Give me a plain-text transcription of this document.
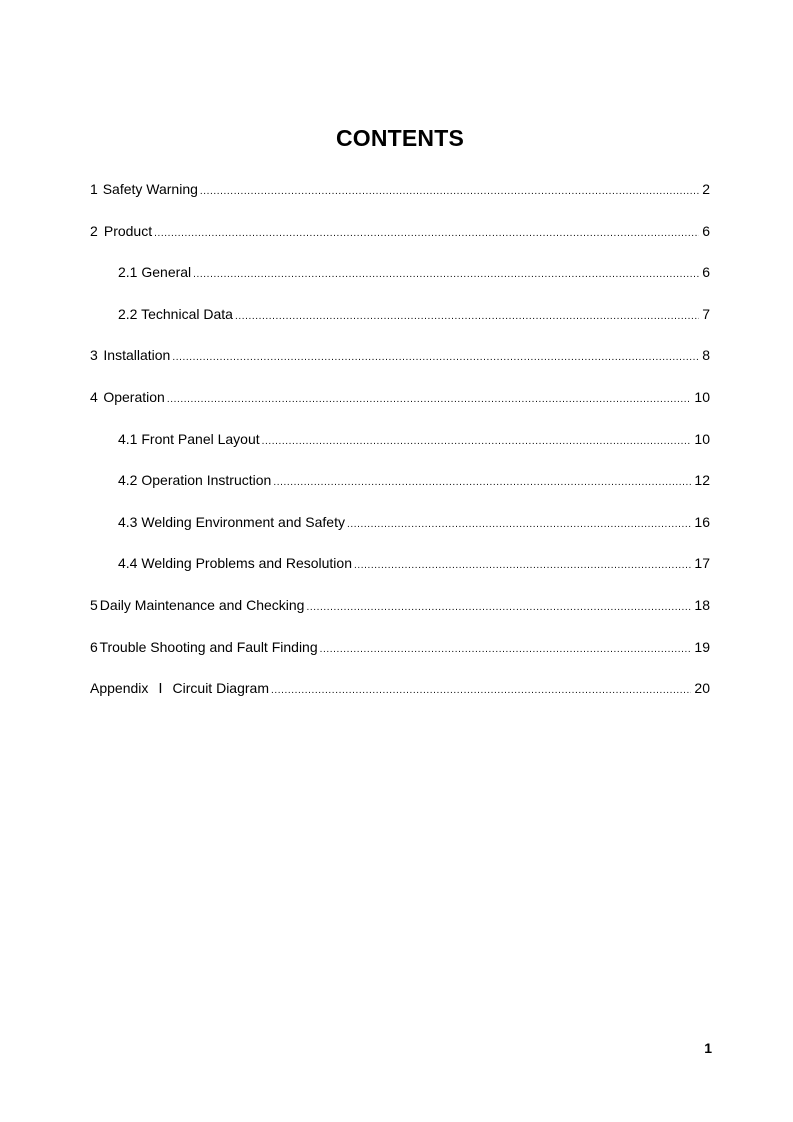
CONTENTS
1 Safety Warning .....	2
2 Product .....	6
2.1 General .....	6
2.2 Technical Data .....	7
3 Installation .....	8
4 Operation .....	10
4.1 Front Panel Layout .....	10
4.2 Operation Instruction .....	12
4.3 Welding Environment and Safety .....	16
4.4 Welding Problems and Resolution .....	17
5 Daily Maintenance and Checking .....	18
6 Trouble Shooting and Fault Finding .....	19
Appendix Ⅰ Circuit Diagram .....	20
1
